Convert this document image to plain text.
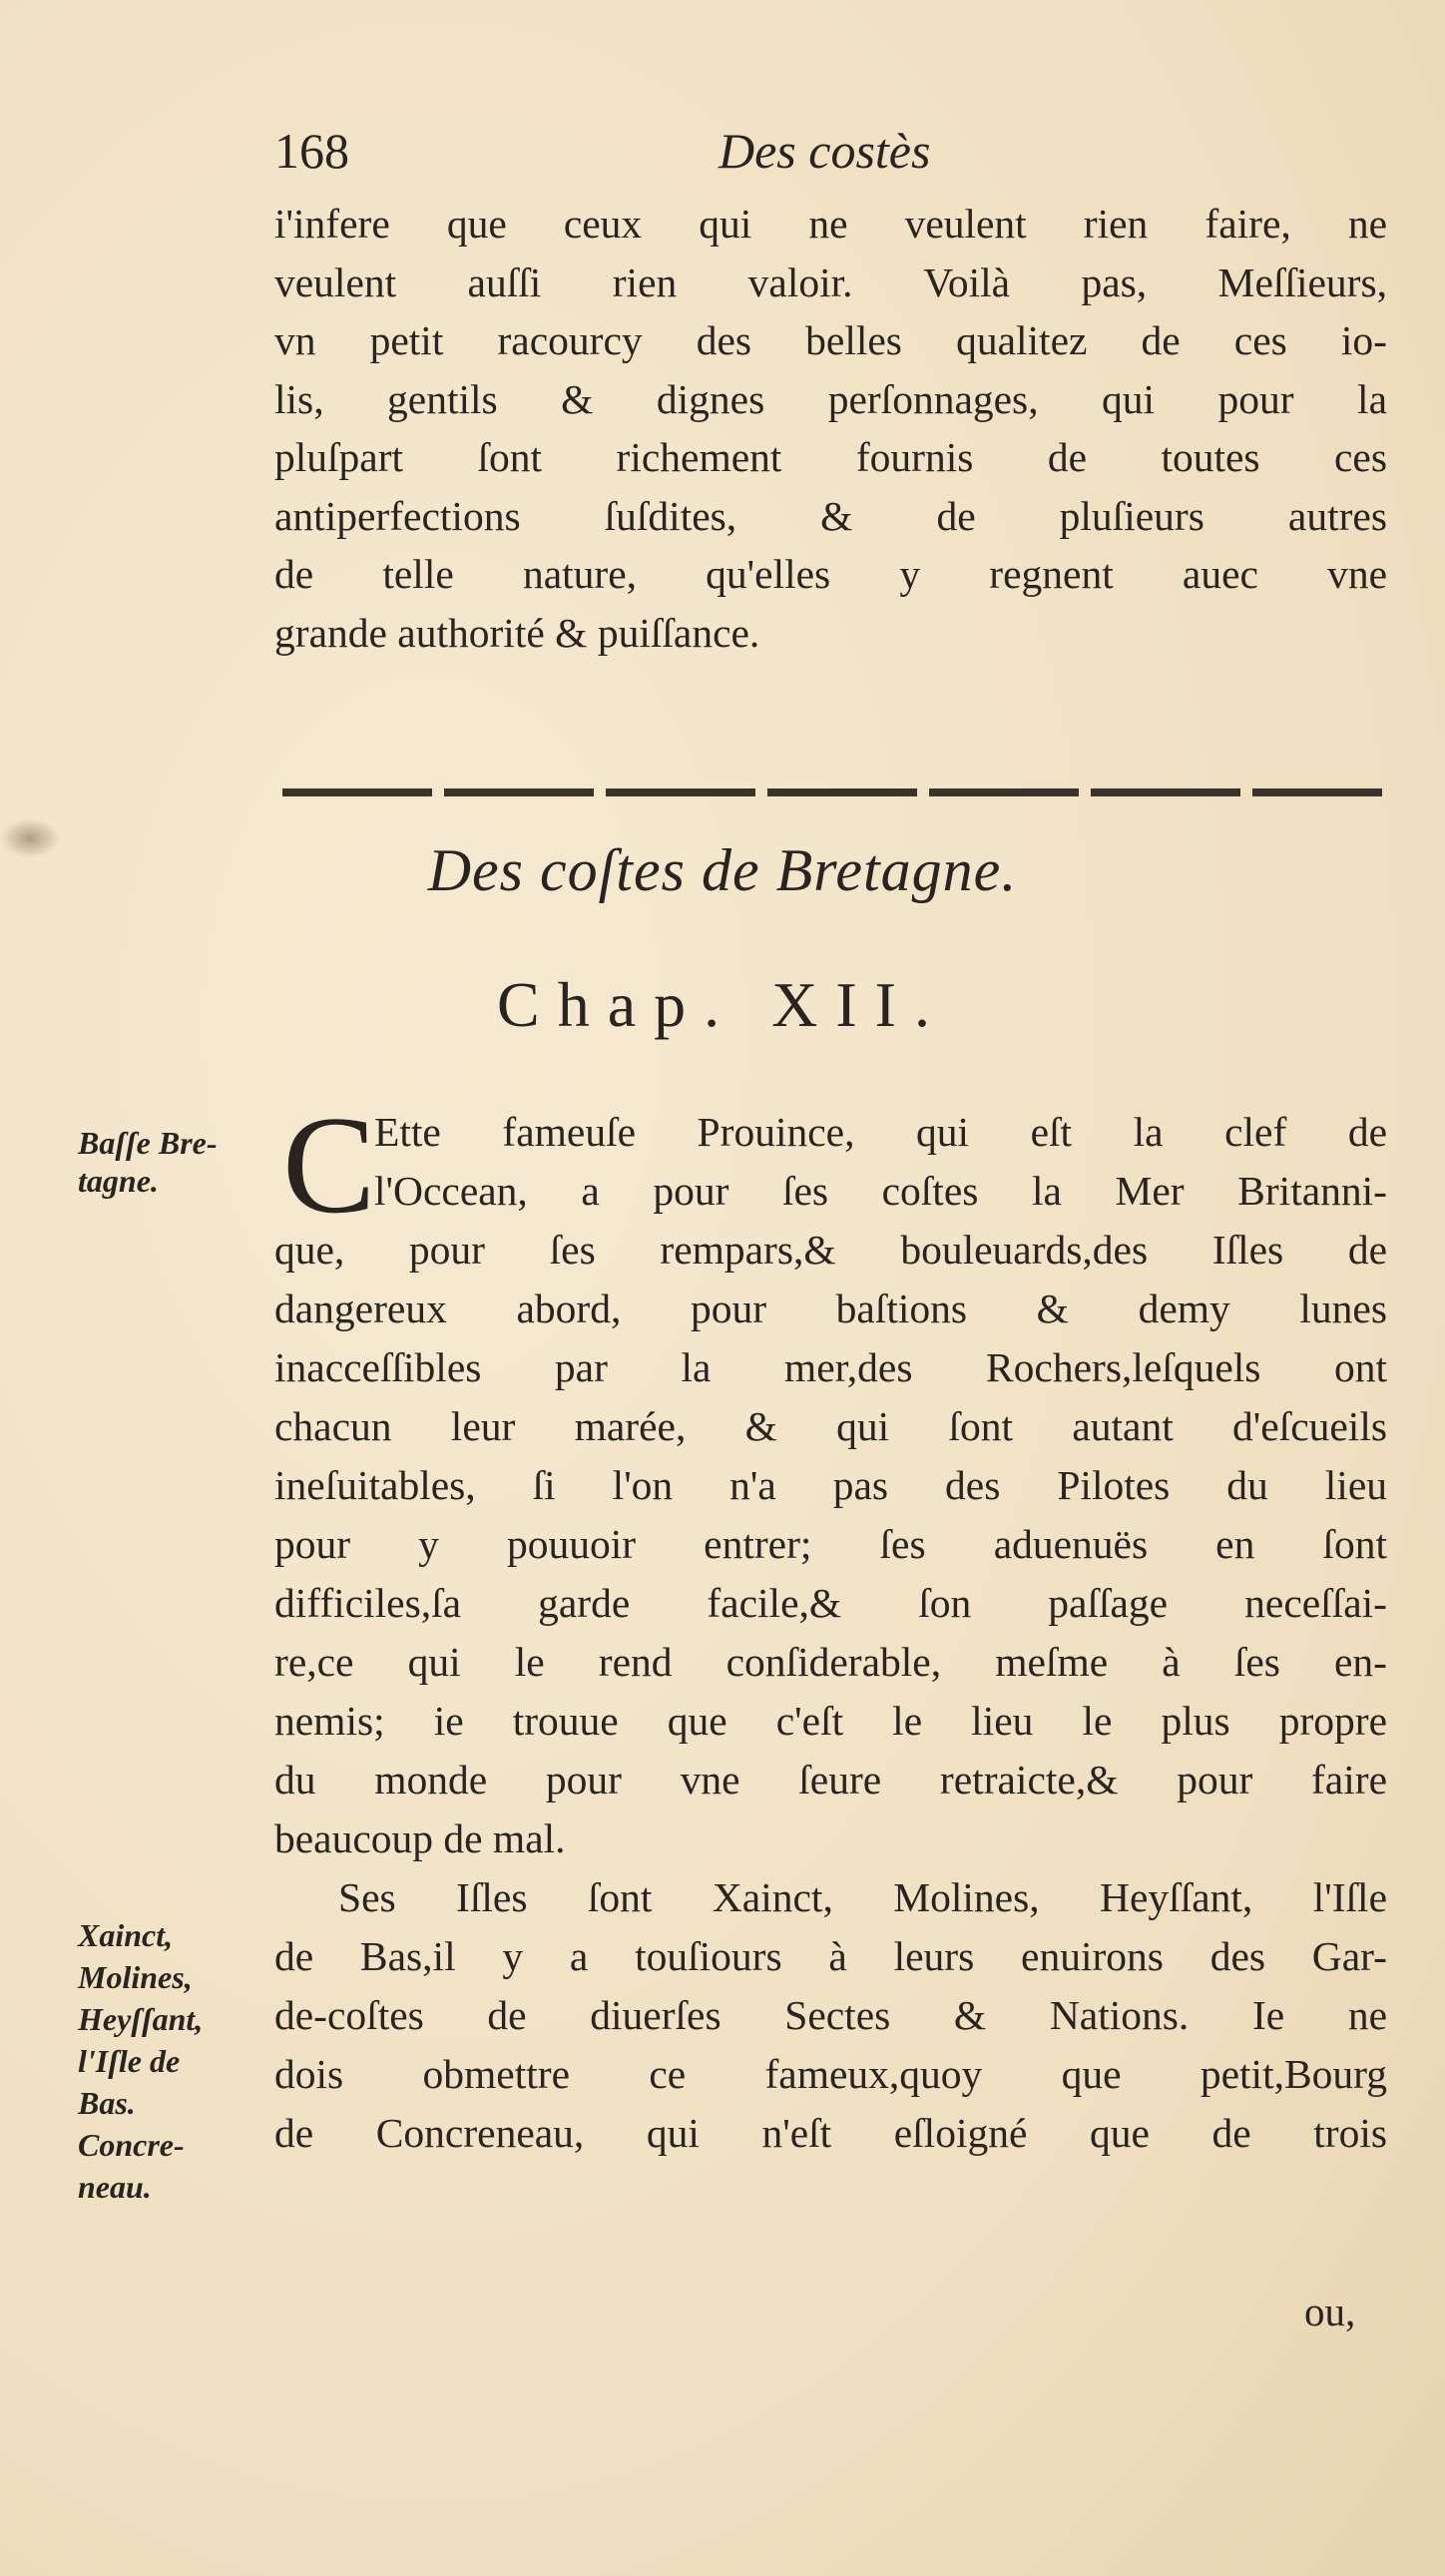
168	Des costès
i'infere que ceux qui ne veulent rien faire, ne
veulent auſſi rien valoir. Voilà pas, Meſſieurs,
vn petit racourcy des belles qualitez de ces io-
lis, gentils & dignes perſonnages, qui pour la
pluſpart ſont richement fournis de toutes ces
antiperfections ſuſdites, & de pluſieurs autres
de telle nature, qu'elles y regnent auec vne
grande authorité & puiſſance.
Des coſtes de Bretagne.
Chap. XII.
Baſſe Bre-
tagne. C
Ette fameuſe Prouince, qui eſt la clef de
l'Occean, a pour ſes coſtes la Mer Britanni-
que, pour ſes rempars,& bouleuards,des Iſles de
dangereux abord, pour baſtions & demy lunes
inacceſſibles par la mer,des Rochers,leſquels ont
chacun leur marée, & qui ſont autant d'eſcueils
ineſuitables, ſi l'on n'a pas des Pilotes du lieu
pour y pouuoir entrer; ſes aduenuës en ſont
difficiles,ſa garde facile,& ſon paſſage neceſſai-
re,ce qui le rend conſiderable, meſme à ſes en-
nemis; ie trouue que c'eſt le lieu le plus propre
du monde pour vne ſeure retraicte,& pour faire
beaucoup de mal.
Ses Iſles ſont Xainct, Molines, Heyſſant, l'Iſle
de Bas,il y a touſiours à leurs enuirons des Gar-
de-coſtes de diuerſes Sectes & Nations. Ie ne
dois obmettre ce fameux,quoy que petit,Bourg
de Concreneau, qui n'eſt eſloigné que de trois
Xainct,
Molines,
Heyſſant,
l'Iſle de
Bas.
Concre-
neau.
ou,
